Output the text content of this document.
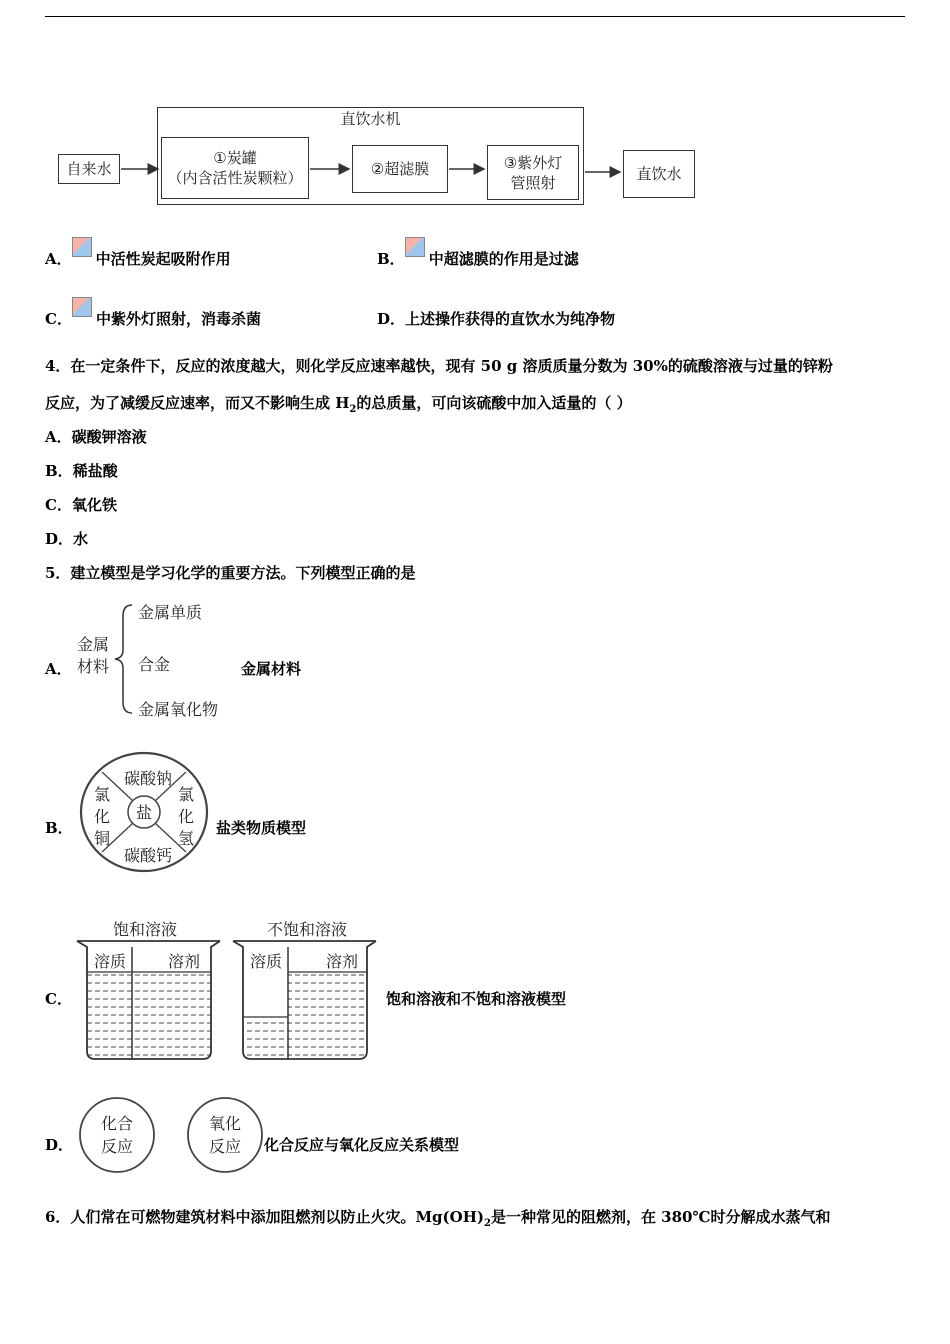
直饮水机
自来水
①炭罐
（内含活性炭颗粒）	②超滤膜	③紫外灯
管照射	直饮水
A． 中活性炭起吸附作用	B． 中超滤膜的作用是过滤
C． 中紫外灯照射，消毒杀菌	D．上述操作获得的直饮水为纯净物
4．在一定条件下，反应的浓度越大，则化学反应速率越快，现有 50 g 溶质质量分数为 30%的硫酸溶液与过量的锌粉
反应，为了减缓反应速率，而又不影响生成 $H_2$的总质量，可向该硫酸中加入适量的（ ）
A．碳酸钾溶液
B．稀盐酸
C．氧化铁
D．水
5．建立模型是学习化学的重要方法。下列模型正确的是
A．
金属
材料
金属单质
合金
金属氧化物
金属材料
B．
盐
碳酸钠
碳酸钙
氯
化
铜
氯
化
氢
盐类物质模型
C．
饱和溶液
溶质	溶剂
不饱和溶液
溶质	溶剂
饱和溶液和不饱和溶液模型
D．
化合
反应
氧化
反应 化合反应与氧化反应关系模型
6．人们常在可燃物建筑材料中添加阻燃剂以防止火灾。$Mg(OH)_2$是一种常见的阻燃剂，在 380℃时分解成水蒸气和
